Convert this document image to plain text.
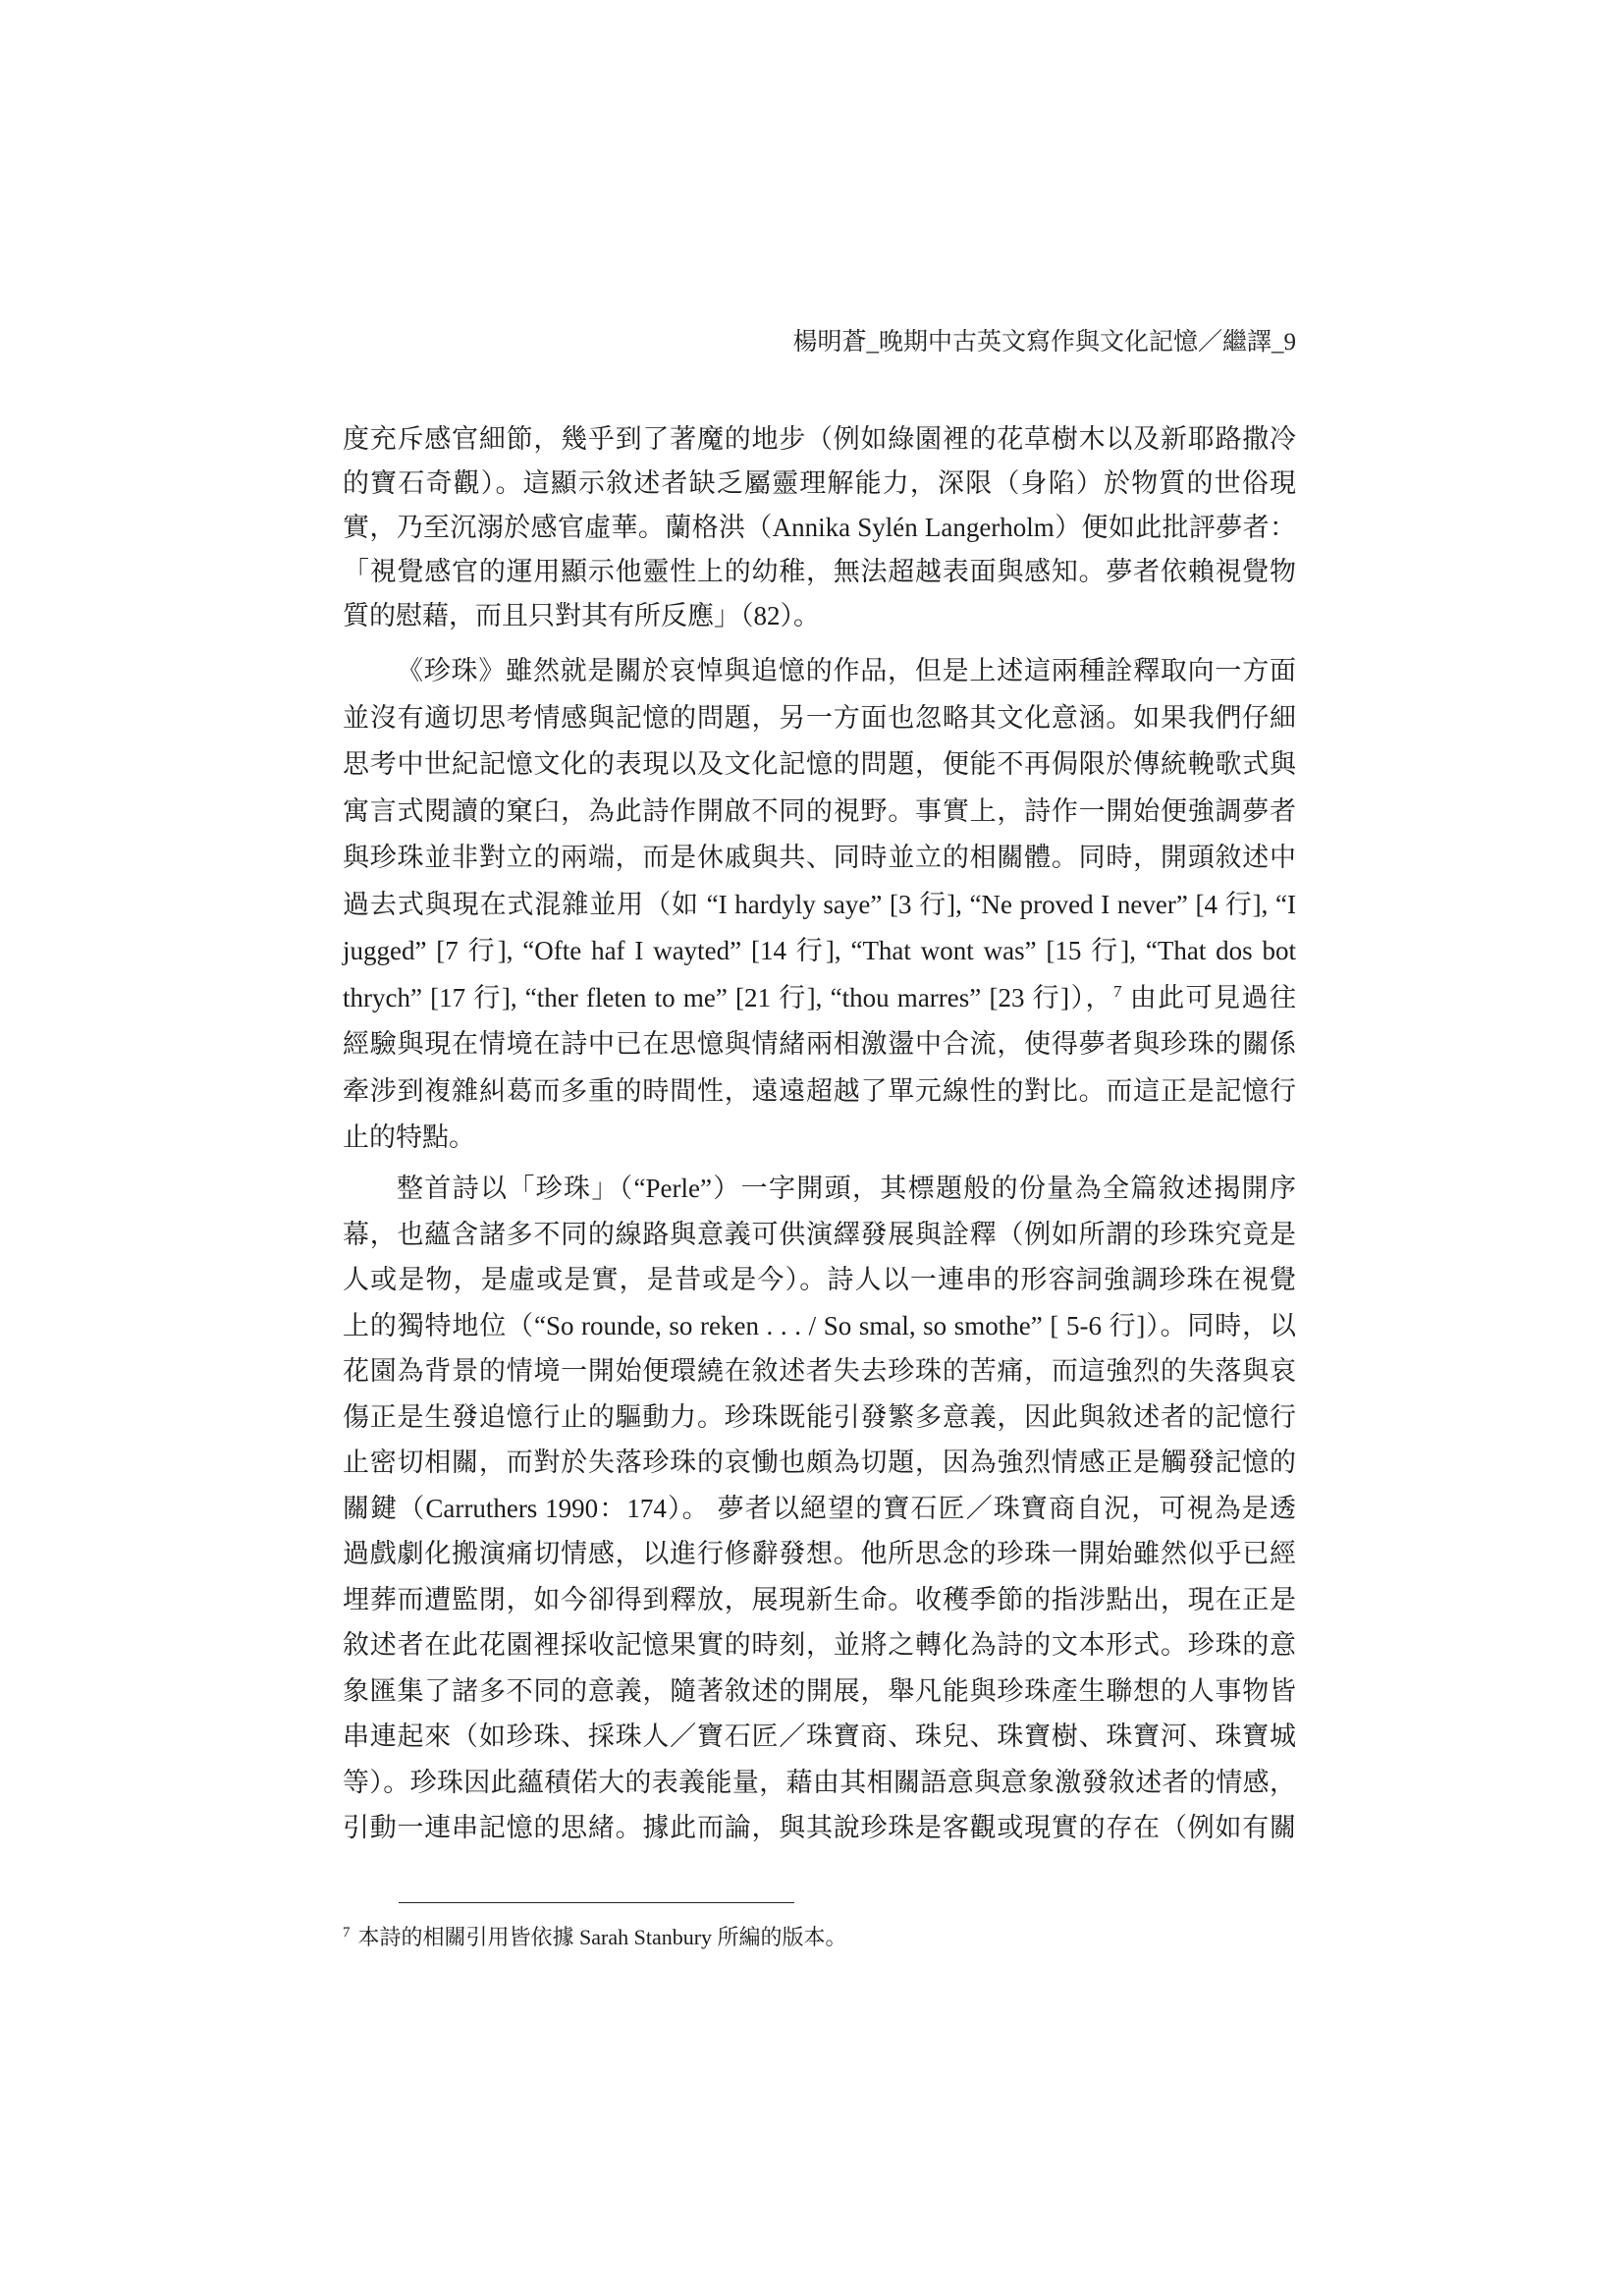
楊明蒼_晚期中古英文寫作與文化記憶／繼譯_9
度充斥感官細節，幾乎到了著魔的地步（例如綠園裡的花草樹木以及新耶路撒冷
的寶石奇觀）。這顯示敘述者缺乏屬靈理解能力，深限（身陷）於物質的世俗現
實，乃至沉溺於感官虛華。蘭格洪（Annika Sylén Langerholm）便如此批評夢者：
「視覺感官的運用顯示他靈性上的幼稚，無法超越表面與感知。夢者依賴視覺物
質的慰藉，而且只對其有所反應」（82）。
《珍珠》雖然就是關於哀悼與追憶的作品，但是上述這兩種詮釋取向一方面
並沒有適切思考情感與記憶的問題，另一方面也忽略其文化意涵。如果我們仔細
思考中世紀記憶文化的表現以及文化記憶的問題，便能不再侷限於傳統輓歌式與
寓言式閱讀的窠臼，為此詩作開啟不同的視野。事實上，詩作一開始便強調夢者
與珍珠並非對立的兩端，而是休戚與共、同時並立的相關體。同時，開頭敘述中
過去式與現在式混雜並用（如 “I hardyly saye” [3 行], “Ne proved I never” [4 行], “I
jugged” [7 行], “Ofte haf I wayted” [14 行], “That wont was” [15 行], “That dos bot
thrych” [17 行], “ther fleten to me” [21 行], “thou marres” [23 行]），$^7$ 由此可見過往
經驗與現在情境在詩中已在思憶與情緒兩相激盪中合流，使得夢者與珍珠的關係
牽涉到複雜糾葛而多重的時間性，遠遠超越了單元線性的對比。而這正是記憶行
止的特點。
整首詩以「珍珠」（“Perle”）一字開頭，其標題般的份量為全篇敘述揭開序
幕，也蘊含諸多不同的線路與意義可供演繹發展與詮釋（例如所謂的珍珠究竟是
人或是物，是虛或是實，是昔或是今）。詩人以一連串的形容詞強調珍珠在視覺
上的獨特地位（“So rounde, so reken . . . / So smal, so smothe” [ 5-6 行]）。同時，以
花園為背景的情境一開始便環繞在敘述者失去珍珠的苦痛，而這強烈的失落與哀
傷正是生發追憶行止的驅動力。珍珠既能引發繁多意義，因此與敘述者的記憶行
止密切相關，而對於失落珍珠的哀慟也頗為切題，因為強烈情感正是觸發記憶的
關鍵（Carruthers 1990：174）。 夢者以絕望的寶石匠／珠寶商自況，可視為是透
過戲劇化搬演痛切情感，以進行修辭發想。他所思念的珍珠一開始雖然似乎已經
埋葬而遭監閉，如今卻得到釋放，展現新生命。收穫季節的指涉點出，現在正是
敘述者在此花園裡採收記憶果實的時刻，並將之轉化為詩的文本形式。珍珠的意
象匯集了諸多不同的意義，隨著敘述的開展，舉凡能與珍珠產生聯想的人事物皆
串連起來（如珍珠、採珠人／寶石匠／珠寶商、珠兒、珠寶樹、珠寶河、珠寶城
等）。珍珠因此蘊積偌大的表義能量，藉由其相關語意與意象激發敘述者的情感，
引動一連串記憶的思緒。據此而論，與其說珍珠是客觀或現實的存在（例如有關
$^7$ 本詩的相關引用皆依據 Sarah Stanbury 所編的版本。
